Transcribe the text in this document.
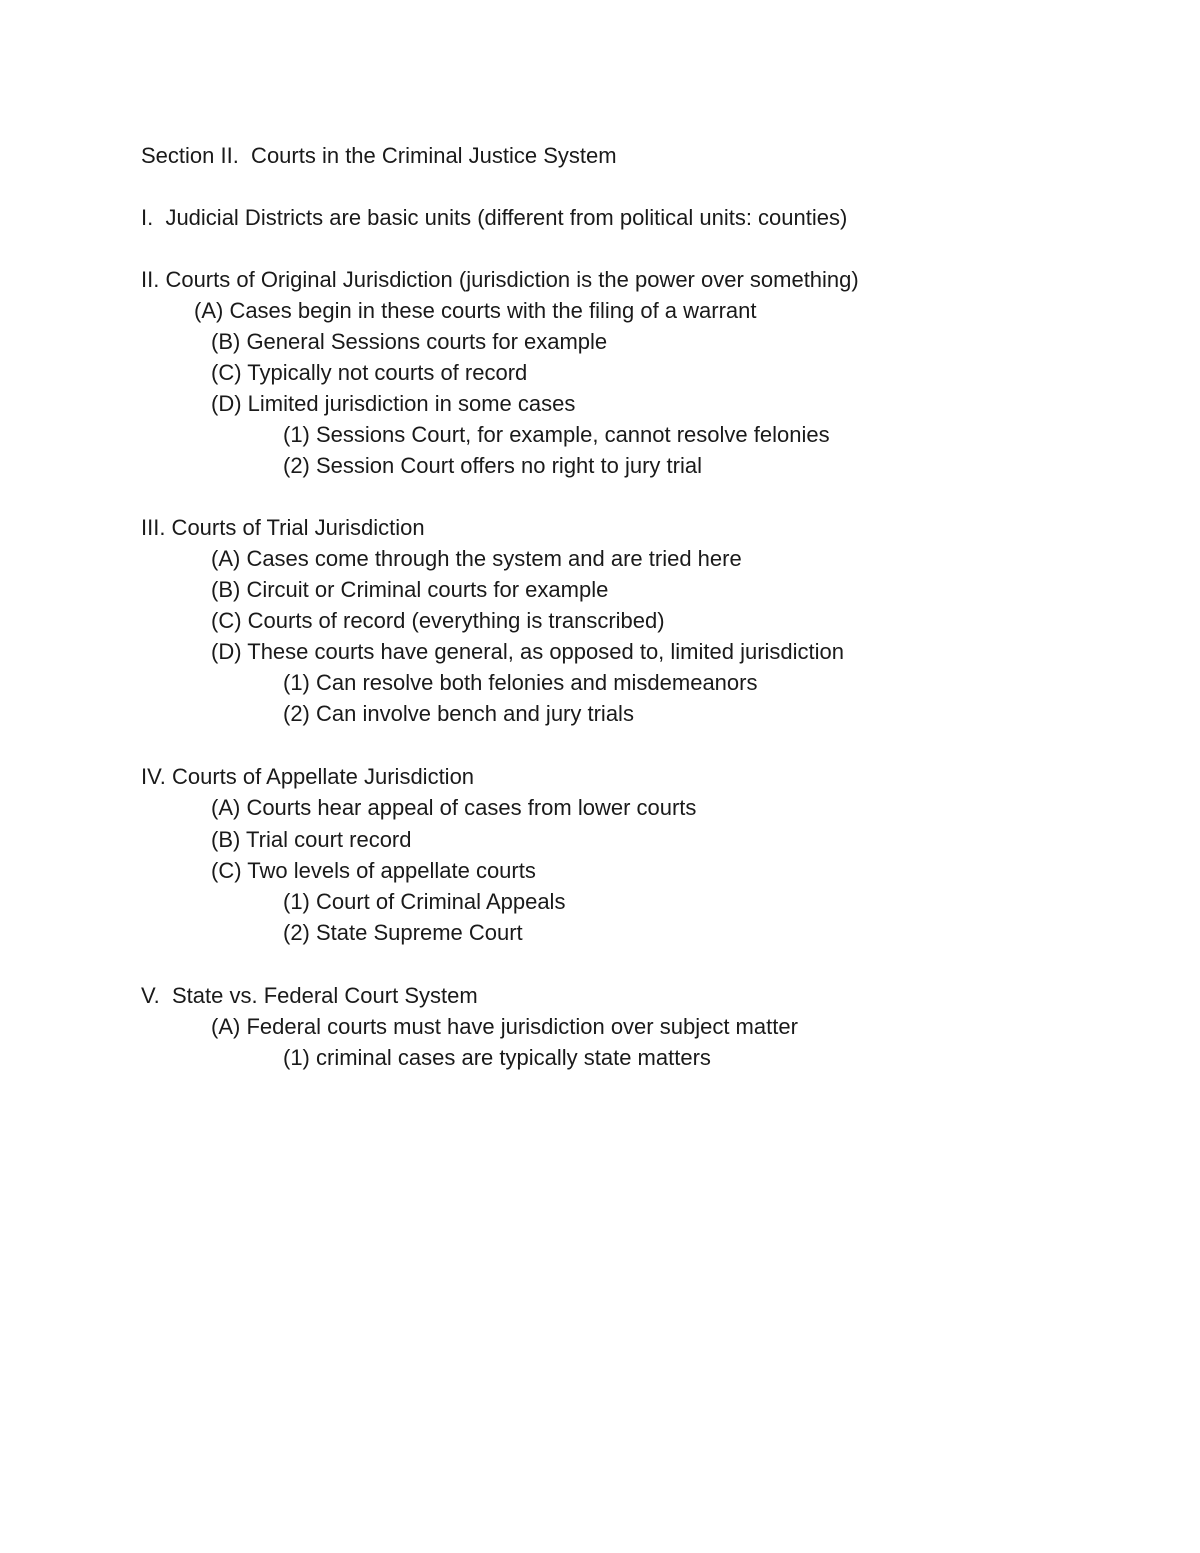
Section II.  Courts in the Criminal Justice System
I.  Judicial Districts are basic units (different from political units: counties)
II. Courts of Original Jurisdiction (jurisdiction is the power over something)
(A) Cases begin in these courts with the filing of a warrant
(B) General Sessions courts for example
(C) Typically not courts of record
(D) Limited jurisdiction in some cases
(1) Sessions Court, for example, cannot resolve felonies
(2) Session Court offers no right to jury trial
III. Courts of Trial Jurisdiction
(A) Cases come through the system and are tried here
(B) Circuit or Criminal courts for example
(C) Courts of record (everything is transcribed)
(D) These courts have general, as opposed to, limited jurisdiction
(1) Can resolve both felonies and misdemeanors
(2) Can involve bench and jury trials
IV. Courts of Appellate Jurisdiction
(A) Courts hear appeal of cases from lower courts
(B) Trial court record
(C) Two levels of appellate courts
(1) Court of Criminal Appeals
(2) State Supreme Court
V.  State vs. Federal Court System
(A) Federal courts must have jurisdiction over subject matter
(1) criminal cases are typically state matters
